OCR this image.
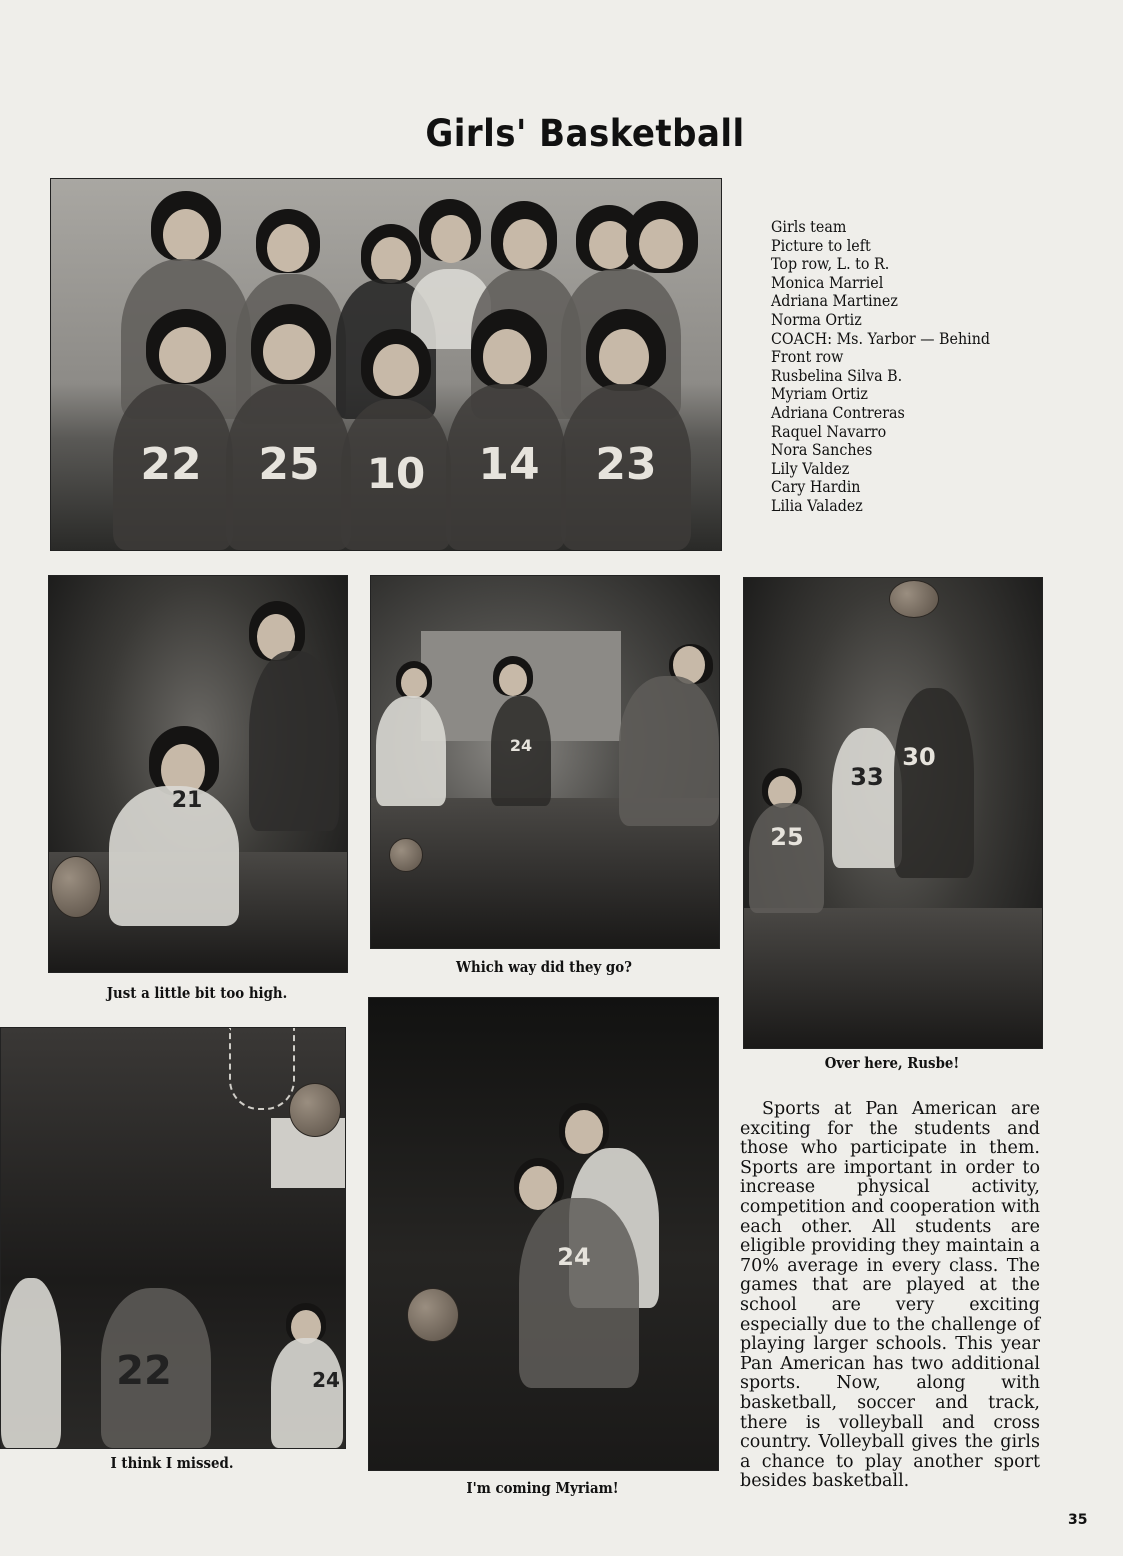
Girls' Basketball
22 25 10 14 23
Girls team
Picture to left
Top row, L. to R.
Monica Marriel
Adriana Martinez
Norma Ortiz
COACH: Ms. Yarbor — Behind
Front row
Rusbelina Silva B.
Myriam Ortiz
Adriana Contreras
Raquel Navarro
Nora Sanches
Lily Valdez
Cary Hardin
Lilia Valadez
21
Just a little bit too high.
24
Which way did they go?
33
30
25
Over here, Rusbe!
22	24
I think I missed.
24
I'm coming Myriam!
Sports at Pan American are exciting for the students and those who participate in them. Sports are important in order to increase physical activity, competition and cooperation with each other. All students are eligible providing they maintain a 70% average in every class. The games that are played at the school are very exciting especially due to the challenge of playing larger schools. This year Pan American has two additional sports. Now, along with basketball, soccer and track, there is volleyball and cross country. Volleyball gives the girls a chance to play another sport besides basketball.
35
